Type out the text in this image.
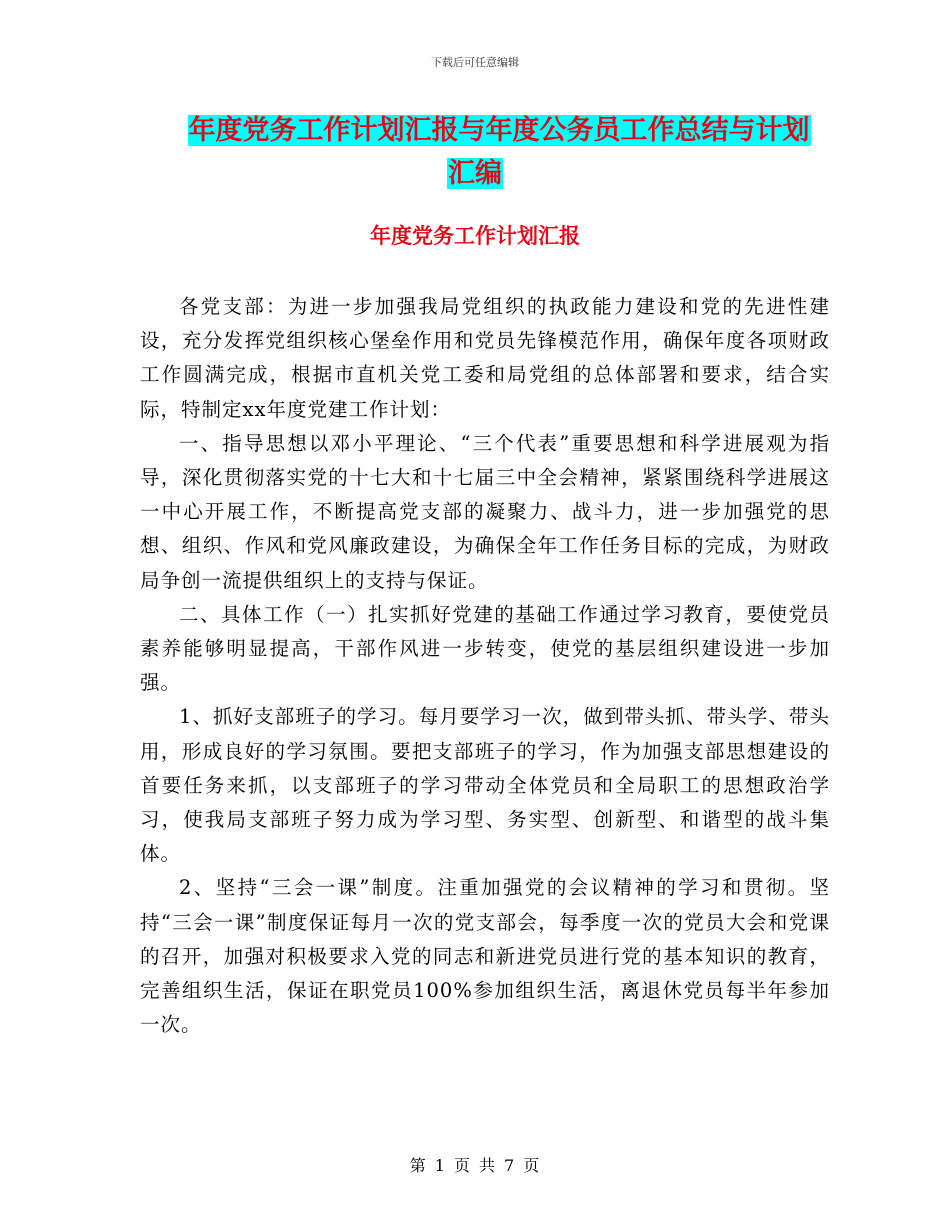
下载后可任意编辑
年度党务工作计划汇报与年度公务员工作总结与计划
汇编
年度党务工作计划汇报

各党支部：为进一步加强我局党组织的执政能力建设和党的先进性建设，充分发挥党组织核心堡垒作用和党员先锋模范作用，确保年度各项财政工作圆满完成，根据市直机关党工委和局党组的总体部署和要求，结合实际，特制定xx年度党建工作计划：

一、指导思想以邓小平理论、“三个代表”重要思想和科学进展观为指导，深化贯彻落实党的十七大和十七届三中全会精神，紧紧围绕科学进展这一中心开展工作，不断提高党支部的凝聚力、战斗力，进一步加强党的思想、组织、作风和党风廉政建设，为确保全年工作任务目标的完成，为财政局争创一流提供组织上的支持与保证。

二、具体工作（一）扎实抓好党建的基础工作通过学习教育，要使党员素养能够明显提高，干部作风进一步转变，使党的基层组织建设进一步加强。

1、抓好支部班子的学习。每月要学习一次，做到带头抓、带头学、带头用，形成良好的学习氛围。要把支部班子的学习，作为加强支部思想建设的首要任务来抓，以支部班子的学习带动全体党员和全局职工的思想政治学习，使我局支部班子努力成为学习型、务实型、创新型、和谐型的战斗集体。

2、坚持“三会一课”制度。注重加强党的会议精神的学习和贯彻。坚持“三会一课”制度保证每月一次的党支部会，每季度一次的党员大会和党课的召开，加强对积极要求入党的同志和新进党员进行党的基本知识的教育，完善组织生活，保证在职党员100%参加组织生活，离退休党员每半年参加一次。

第 1 页 共 7 页
